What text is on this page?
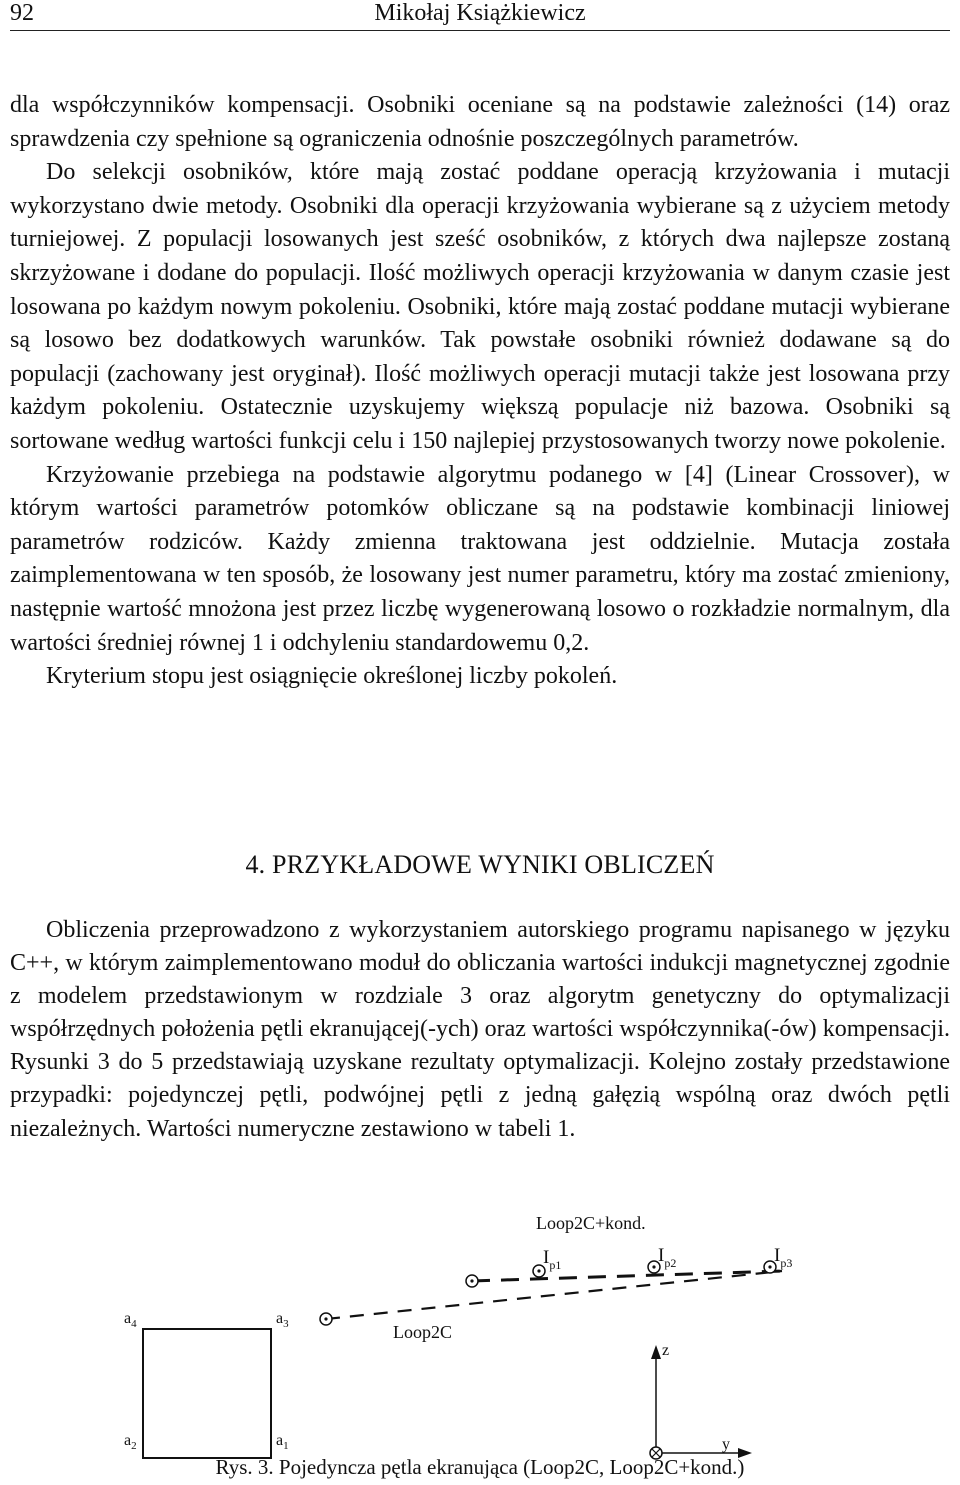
Mikołaj Książkiewicz
92

dla współczynników kompensacji. Osobniki oceniane są na podstawie zależności (14) oraz sprawdzenia czy spełnione są ograniczenia odnośnie poszczególnych parametrów.

Do selekcji osobników, które mają zostać poddane operacją krzyżowania i mutacji wykorzystano dwie metody. Osobniki dla operacji krzyżowania wybierane są z użyciem metody turniejowej. Z populacji losowanych jest sześć osobników, z których dwa najlepsze zostaną skrzyżowane i dodane do populacji. Ilość możliwych operacji krzyżowania w danym czasie jest losowana po każdym nowym pokoleniu. Osobniki, które mają zostać poddane mutacji wybierane są losowo bez dodatkowych warunków. Tak powstałe osobniki również dodawane są do populacji (zachowany jest oryginał). Ilość możliwych operacji mutacji także jest losowana przy każdym pokoleniu. Ostatecznie uzyskujemy większą populacje niż bazowa. Osobniki są sortowane według wartości funkcji celu i 150 najlepiej przystosowanych tworzy nowe pokolenie.

Krzyżowanie przebiega na podstawie algorytmu podanego w [4] (Linear Crossover), w którym wartości parametrów potomków obliczane są na podstawie kombinacji liniowej parametrów rodziców. Każdy zmienna traktowana jest oddzielnie. Mutacja została zaimplementowana w ten sposób, że losowany jest numer parametru, który ma zostać zmieniony, następnie wartość mnożona jest przez liczbę wygenerowaną losowo o rozkładzie normalnym, dla wartości średniej równej 1 i odchyleniu standardowemu 0,2.

Kryterium stopu jest osiągnięcie określonej liczby pokoleń.

4. PRZYKŁADOWE WYNIKI OBLICZEŃ

Obliczenia przeprowadzono z wykorzystaniem autorskiego programu napisanego w języku C++, w którym zaimplementowano moduł do obliczania wartości indukcji magnetycznej zgodnie z modelem przedstawionym w rozdziale 3 oraz algorytm genetyczny do optymalizacji współrzędnych położenia pętli ekranującej(-ych) oraz wartości współczynnika(-ów) kompensacji. Rysunki 3 do 5 przedstawiają uzyskane rezultaty optymalizacji. Kolejno zostały przedstawione przypadki: pojedynczej pętli, podwójnej pętli z jedną gałęzią wspólną oraz dwóch pętli niezależnych. Wartości numeryczne zestawiono w tabeli 1.

Loop2C+kond.
$I_{p1}$	$I_{p2}$	$I_{p3}$
Loop2C
$a_4$	$a_3$
$a_2$	$a_1$
z
y
Rys. 3. Pojedyncza pętla ekranująca (Loop2C, Loop2C+kond.)
